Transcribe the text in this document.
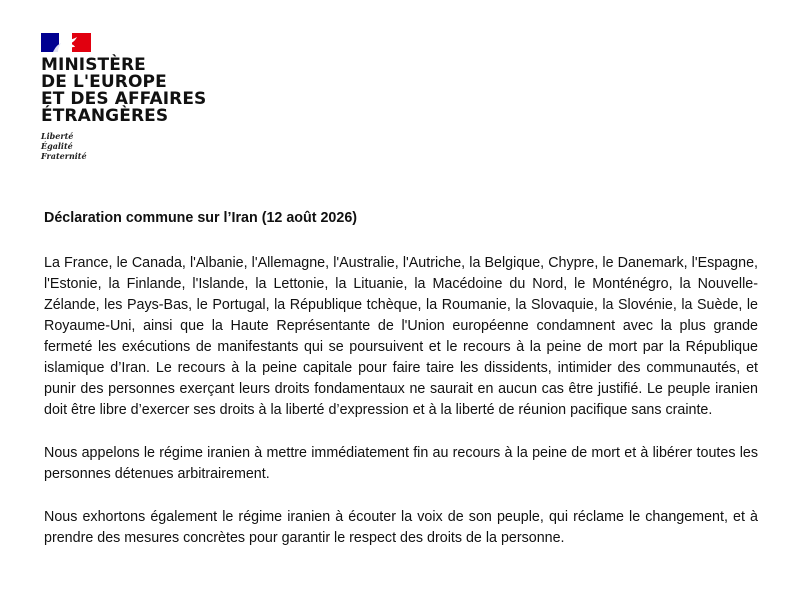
MINISTÈRE
DE L'EUROPE
ET DES AFFAIRES
ÉTRANGÈRES
Liberté
Égalité
Fraternité

Déclaration commune sur l’Iran (12 août 2026)

La France, le Canada, l'Albanie, l'Allemagne, l'Australie, l'Autriche, la Belgique, Chypre, le Danemark, l'Espagne, l'Estonie, la Finlande, l'Islande, la Lettonie, la Lituanie, la Macédoine du Nord, le Monténégro, la Nouvelle-Zélande, les Pays-Bas, le Portugal, la République tchèque, la Roumanie, la Slovaquie, la Slovénie, la Suède, le Royaume-Uni, ainsi que la Haute Représentante de l'Union européenne condamnent avec la plus grande fermeté les exécutions de manifestants qui se poursuivent et le recours à la peine de mort par la République islamique d’Iran. Le recours à la peine capitale pour faire taire les dissidents, intimider des communautés, et punir des personnes exerçant leurs droits fondamentaux ne saurait en aucun cas être justifié. Le peuple iranien doit être libre d’exercer ses droits à la liberté d’expression et à la liberté de réunion pacifique sans crainte.

Nous appelons le régime iranien à mettre immédiatement fin au recours à la peine de mort et à libérer toutes les personnes détenues arbitrairement.

Nous exhortons également le régime iranien à écouter la voix de son peuple, qui réclame le changement, et à prendre des mesures concrètes pour garantir le respect des droits de la personne.
